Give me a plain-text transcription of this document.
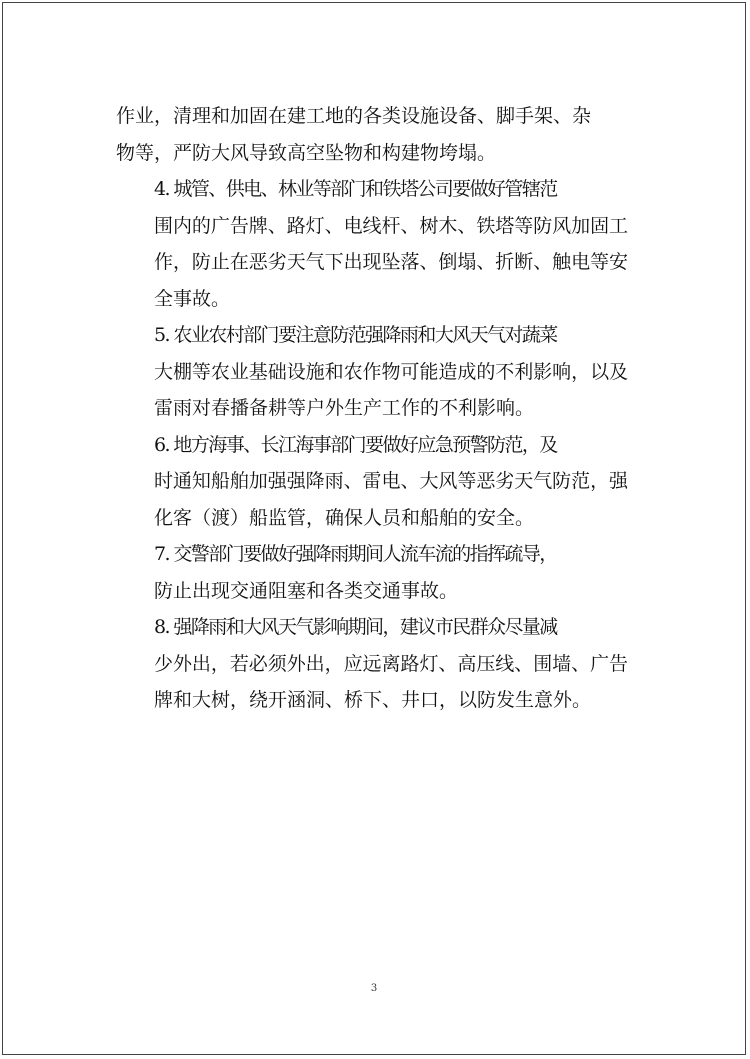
作业，清理和加固在建工地的各类设施设备、脚手架、杂
物等，严防大风导致高空坠物和构建物垮塌。

4. 城管、供电、林业等部门和铁塔公司要做好管辖范
围内的广告牌、路灯、电线杆、树木、铁塔等防风加固工
作，防止在恶劣天气下出现坠落、倒塌、折断、触电等安
全事故。

5. 农业农村部门要注意防范强降雨和大风天气对蔬菜
大棚等农业基础设施和农作物可能造成的不利影响，以及
雷雨对春播备耕等户外生产工作的不利影响。

6. 地方海事、长江海事部门要做好应急预警防范，及
时通知船舶加强强降雨、雷电、大风等恶劣天气防范，强
化客（渡）船监管，确保人员和船舶的安全。

7. 交警部门要做好强降雨期间人流车流的指挥疏导，
防止出现交通阻塞和各类交通事故。

8. 强降雨和大风天气影响期间，建议市民群众尽量减
少外出，若必须外出，应远离路灯、高压线、围墙、广告
牌和大树，绕开涵洞、桥下、井口，以防发生意外。

3
